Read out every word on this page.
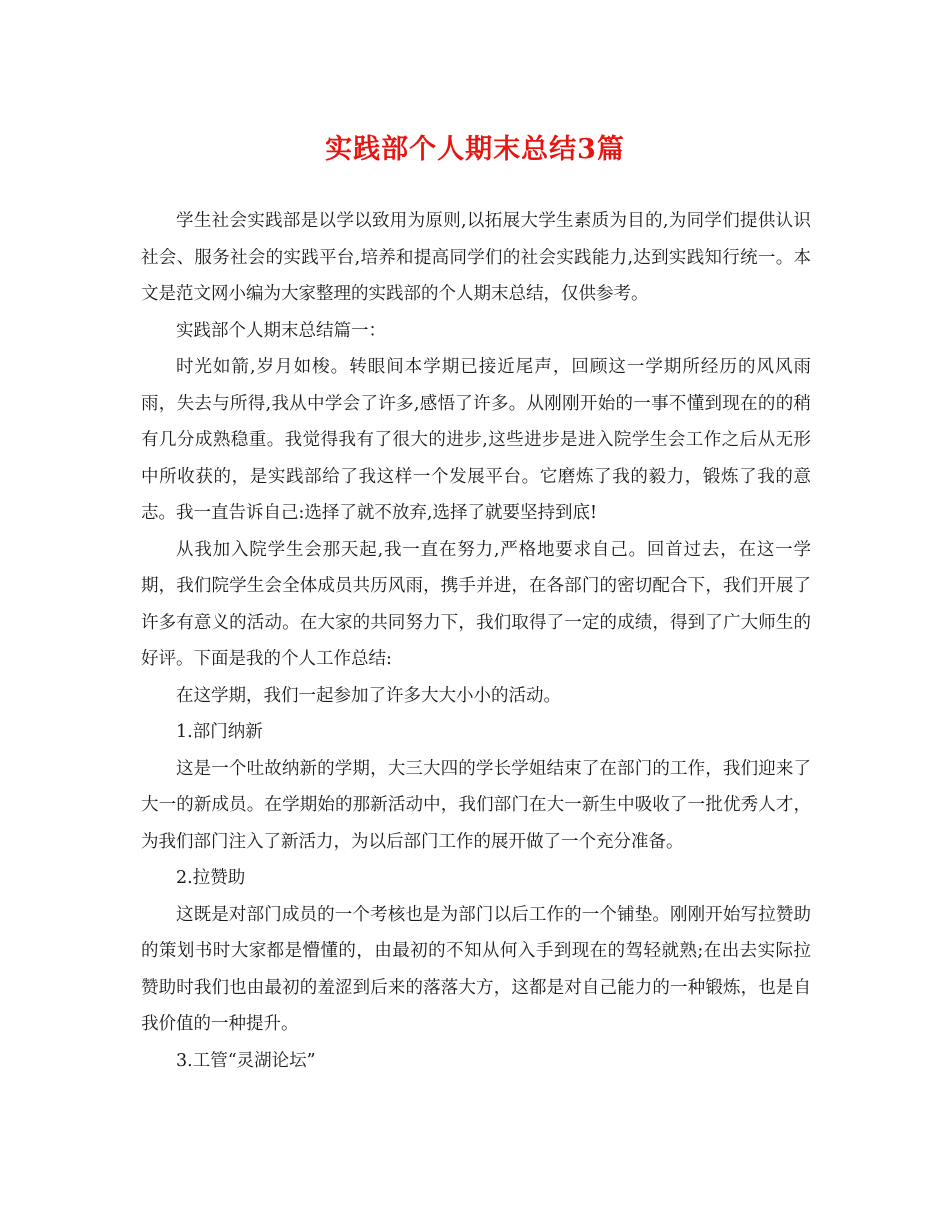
实践部个人期末总结3篇

学生社会实践部是以学以致用为原则,以拓展大学生素质为目的,为同学们提供认识社会、服务社会的实践平台,培养和提高同学们的社会实践能力,达到实践知行统一。本文是范文网小编为大家整理的实践部的个人期末总结，仅供参考。

实践部个人期末总结篇一：

时光如箭,岁月如梭。转眼间本学期已接近尾声，回顾这一学期所经历的风风雨雨，失去与所得,我从中学会了许多,感悟了许多。从刚刚开始的一事不懂到现在的的稍有几分成熟稳重。我觉得我有了很大的进步,这些进步是进入院学生会工作之后从无形中所收获的，是实践部给了我这样一个发展平台。它磨炼了我的毅力，锻炼了我的意志。我一直告诉自己:选择了就不放弃,选择了就要坚持到底!

从我加入院学生会那天起,我一直在努力,严格地要求自己。回首过去，在这一学期，我们院学生会全体成员共历风雨，携手并进，在各部门的密切配合下，我们开展了许多有意义的活动。在大家的共同努力下，我们取得了一定的成绩，得到了广大师生的好评。下面是我的个人工作总结:

在这学期，我们一起参加了许多大大小小的活动。

1.部门纳新

这是一个吐故纳新的学期，大三大四的学长学姐结束了在部门的工作，我们迎来了大一的新成员。在学期始的那新活动中，我们部门在大一新生中吸收了一批优秀人才，为我们部门注入了新活力，为以后部门工作的展开做了一个充分准备。

2.拉赞助

这既是对部门成员的一个考核也是为部门以后工作的一个铺垫。刚刚开始写拉赞助的策划书时大家都是懵懂的，由最初的不知从何入手到现在的驾轻就熟;在出去实际拉赞助时我们也由最初的羞涩到后来的落落大方，这都是对自己能力的一种锻炼，也是自我价值的一种提升。

3.工管“灵湖论坛”
